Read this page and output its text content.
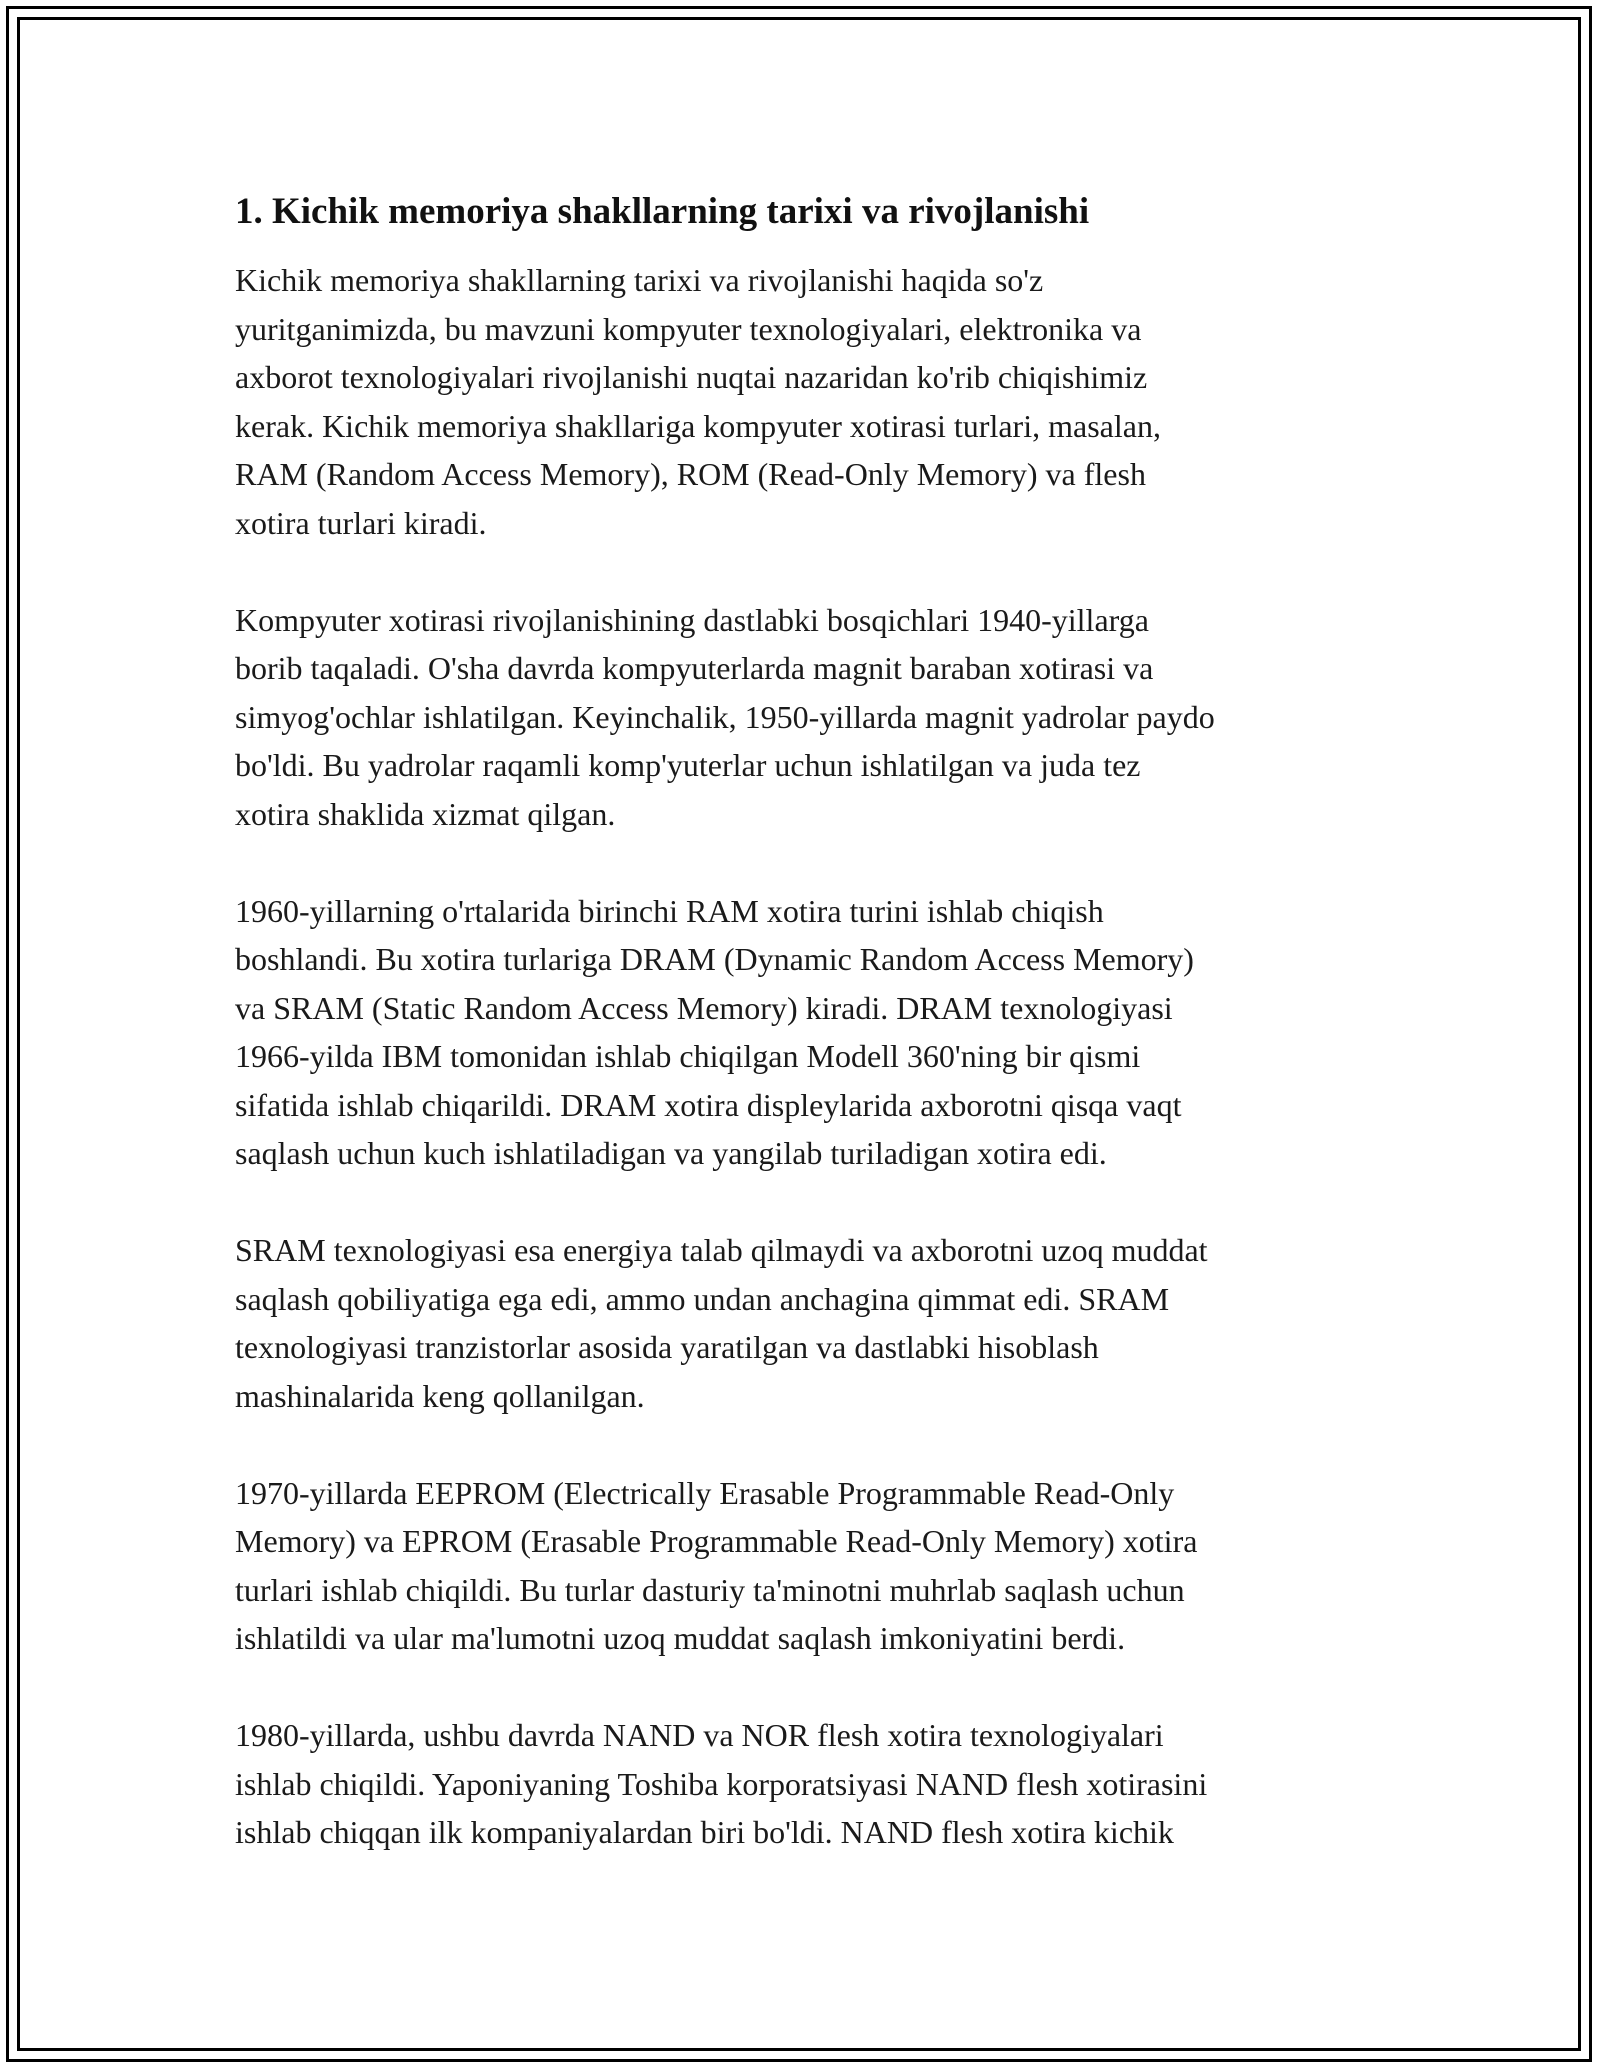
1. Kichik memoriya shakllarning tarixi va rivojlanishi
Kichik memoriya shakllarning tarixi va rivojlanishi haqida so'z
yuritganimizda, bu mavzuni kompyuter texnologiyalari, elektronika va
axborot texnologiyalari rivojlanishi nuqtai nazaridan ko'rib chiqishimiz
kerak. Kichik memoriya shakllariga kompyuter xotirasi turlari, masalan,
RAM (Random Access Memory), ROM (Read-Only Memory) va flesh
xotira turlari kiradi.
Kompyuter xotirasi rivojlanishining dastlabki bosqichlari 1940-yillarga
borib taqaladi. O'sha davrda kompyuterlarda magnit baraban xotirasi va
simyog'ochlar ishlatilgan. Keyinchalik, 1950-yillarda magnit yadrolar paydo
bo'ldi. Bu yadrolar raqamli komp'yuterlar uchun ishlatilgan va juda tez
xotira shaklida xizmat qilgan.
1960-yillarning o'rtalarida birinchi RAM xotira turini ishlab chiqish
boshlandi. Bu xotira turlariga DRAM (Dynamic Random Access Memory)
va SRAM (Static Random Access Memory) kiradi. DRAM texnologiyasi
1966-yilda IBM tomonidan ishlab chiqilgan Modell 360'ning bir qismi
sifatida ishlab chiqarildi. DRAM xotira displeylarida axborotni qisqa vaqt
saqlash uchun kuch ishlatiladigan va yangilab turiladigan xotira edi.
SRAM texnologiyasi esa energiya talab qilmaydi va axborotni uzoq muddat
saqlash qobiliyatiga ega edi, ammo undan anchagina qimmat edi. SRAM
texnologiyasi tranzistorlar asosida yaratilgan va dastlabki hisoblash
mashinalarida keng qollanilgan.
1970-yillarda EEPROM (Electrically Erasable Programmable Read-Only
Memory) va EPROM (Erasable Programmable Read-Only Memory) xotira
turlari ishlab chiqildi. Bu turlar dasturiy ta'minotni muhrlab saqlash uchun
ishlatildi va ular ma'lumotni uzoq muddat saqlash imkoniyatini berdi.
1980-yillarda, ushbu davrda NAND va NOR flesh xotira texnologiyalari
ishlab chiqildi. Yaponiyaning Toshiba korporatsiyasi NAND flesh xotirasini
ishlab chiqqan ilk kompaniyalardan biri bo'ldi. NAND flesh xotira kichik
